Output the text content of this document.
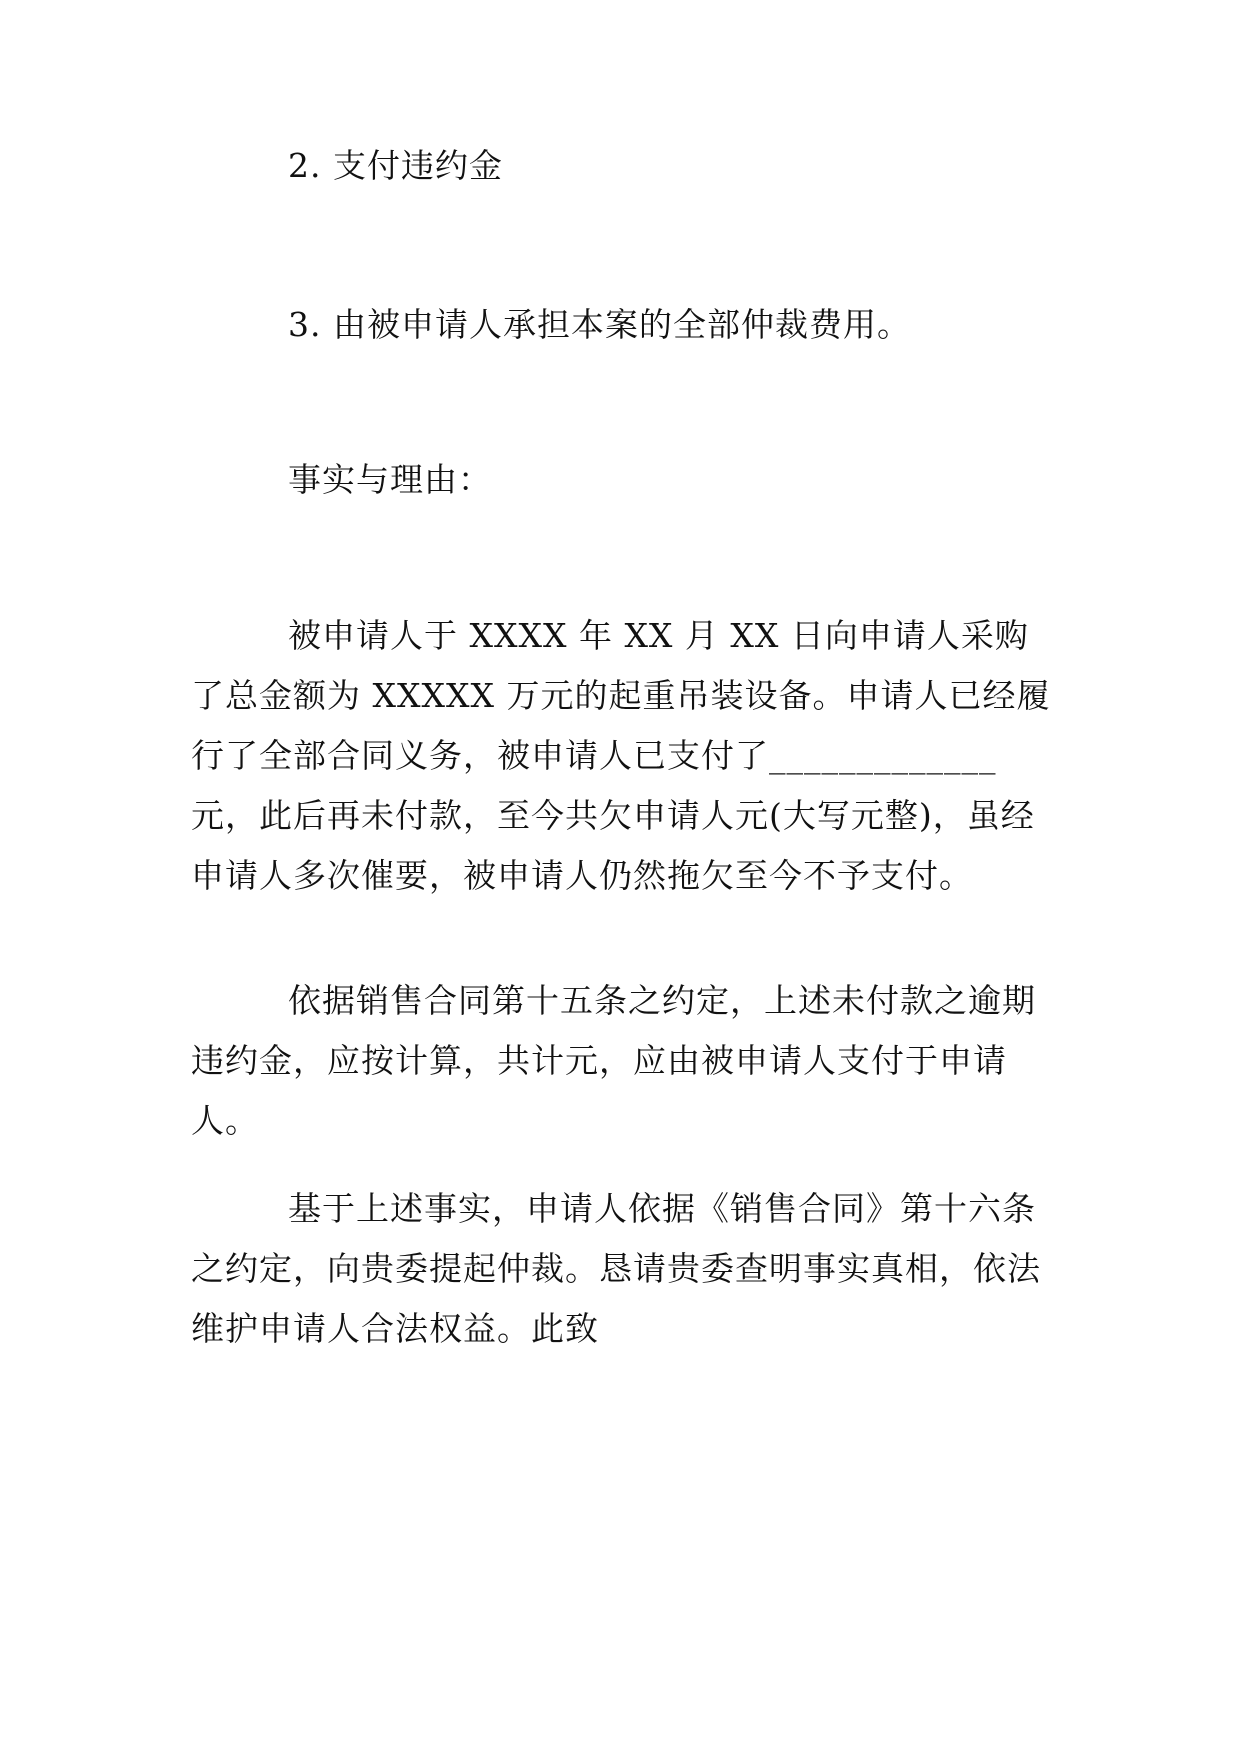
2. 支付违约金

3. 由被申请人承担本案的全部仲裁费用。

事实与理由：

被申请人于 XXXX 年 XX 月 XX 日向申请人采购了总金额为 XXXXX 万元的起重吊装设备。申请人已经履行了全部合同义务，被申请人已支付了_____________元，此后再未付款，至今共欠申请人元(大写元整)，虽经申请人多次催要，被申请人仍然拖欠至今不予支付。

依据销售合同第十五条之约定，上述未付款之逾期违约金，应按计算，共计元，应由被申请人支付于申请人。

基于上述事实，申请人依据《销售合同》第十六条之约定，向贵委提起仲裁。恳请贵委查明事实真相，依法维护申请人合法权益。此致
